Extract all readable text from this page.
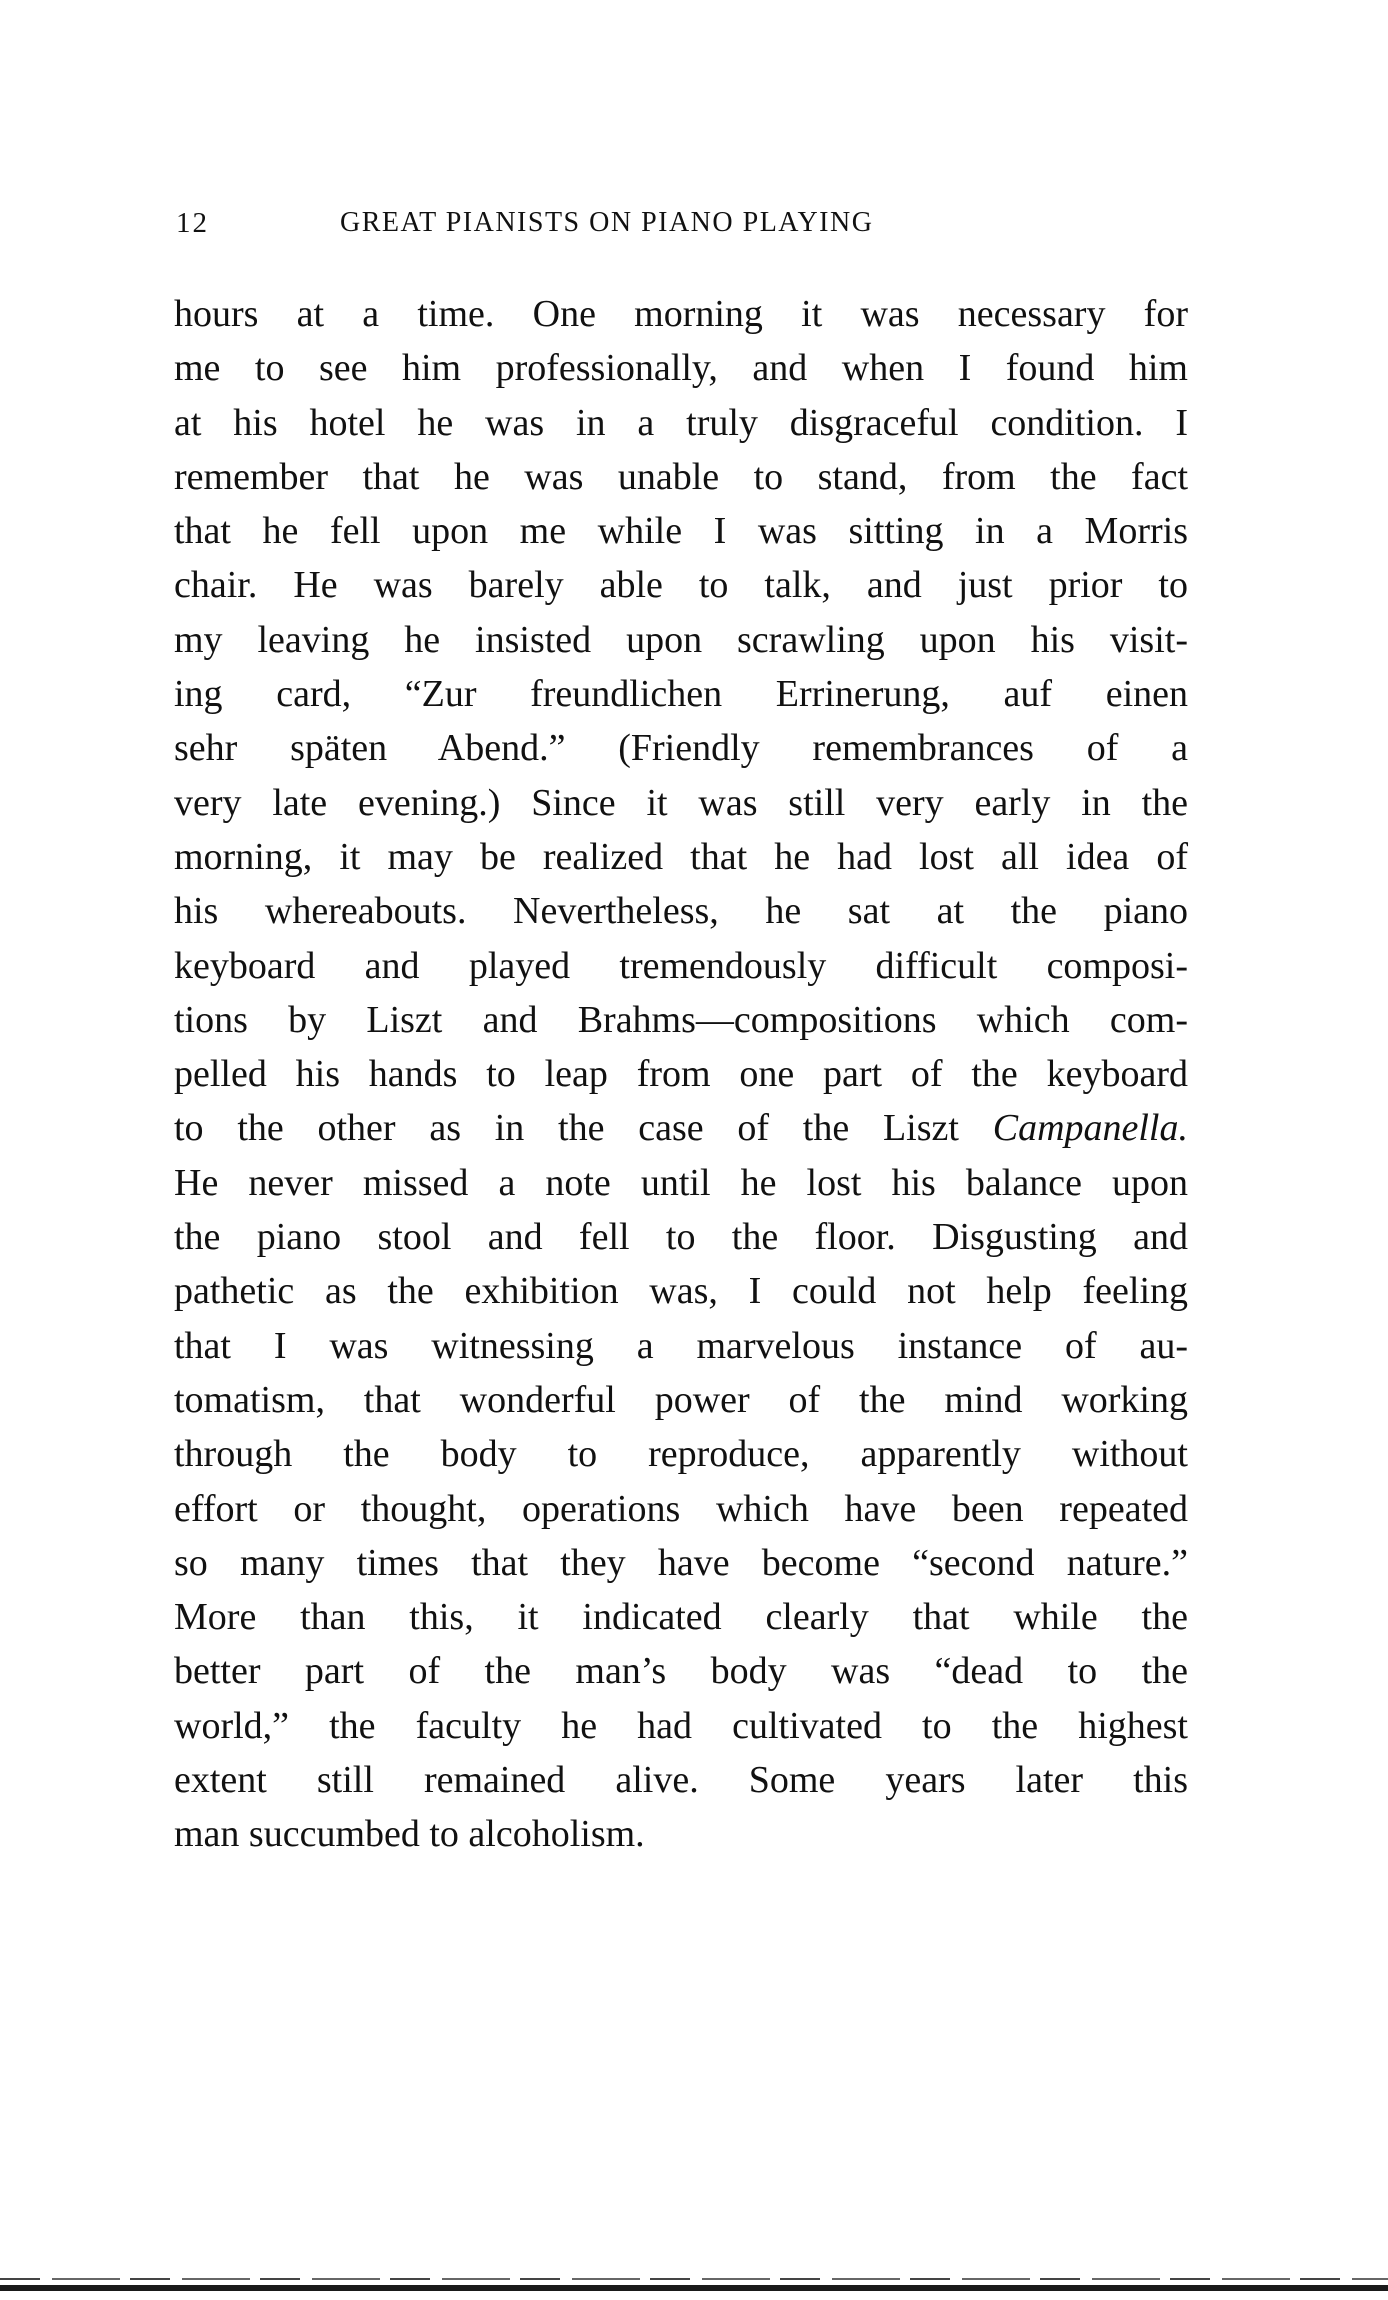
12	GREAT PIANISTS ON PIANO PLAYING
hours at a time. One morning it was necessary for
me to see him professionally, and when I found him
at his hotel he was in a truly disgraceful condition. I
remember that he was unable to stand, from the fact
that he fell upon me while I was sitting in a Morris
chair. He was barely able to talk, and just prior to
my leaving he insisted upon scrawling upon his visit-
ing card, “Zur freundlichen Errinerung, auf einen
sehr späten Abend.” (Friendly remembrances of a
very late evening.) Since it was still very early in the
morning, it may be realized that he had lost all idea of
his whereabouts. Nevertheless, he sat at the piano
keyboard and played tremendously difficult composi-
tions by Liszt and Brahms—compositions which com-
pelled his hands to leap from one part of the keyboard
to the other as in the case of the Liszt Campanella.
He never missed a note until he lost his balance upon
the piano stool and fell to the floor. Disgusting and
pathetic as the exhibition was, I could not help feeling
that I was witnessing a marvelous instance of au-
tomatism, that wonderful power of the mind working
through the body to reproduce, apparently without
effort or thought, operations which have been repeated
so many times that they have become “second nature.”
More than this, it indicated clearly that while the
better part of the man’s body was “dead to the
world,” the faculty he had cultivated to the highest
extent still remained alive. Some years later this
man succumbed to alcoholism.
